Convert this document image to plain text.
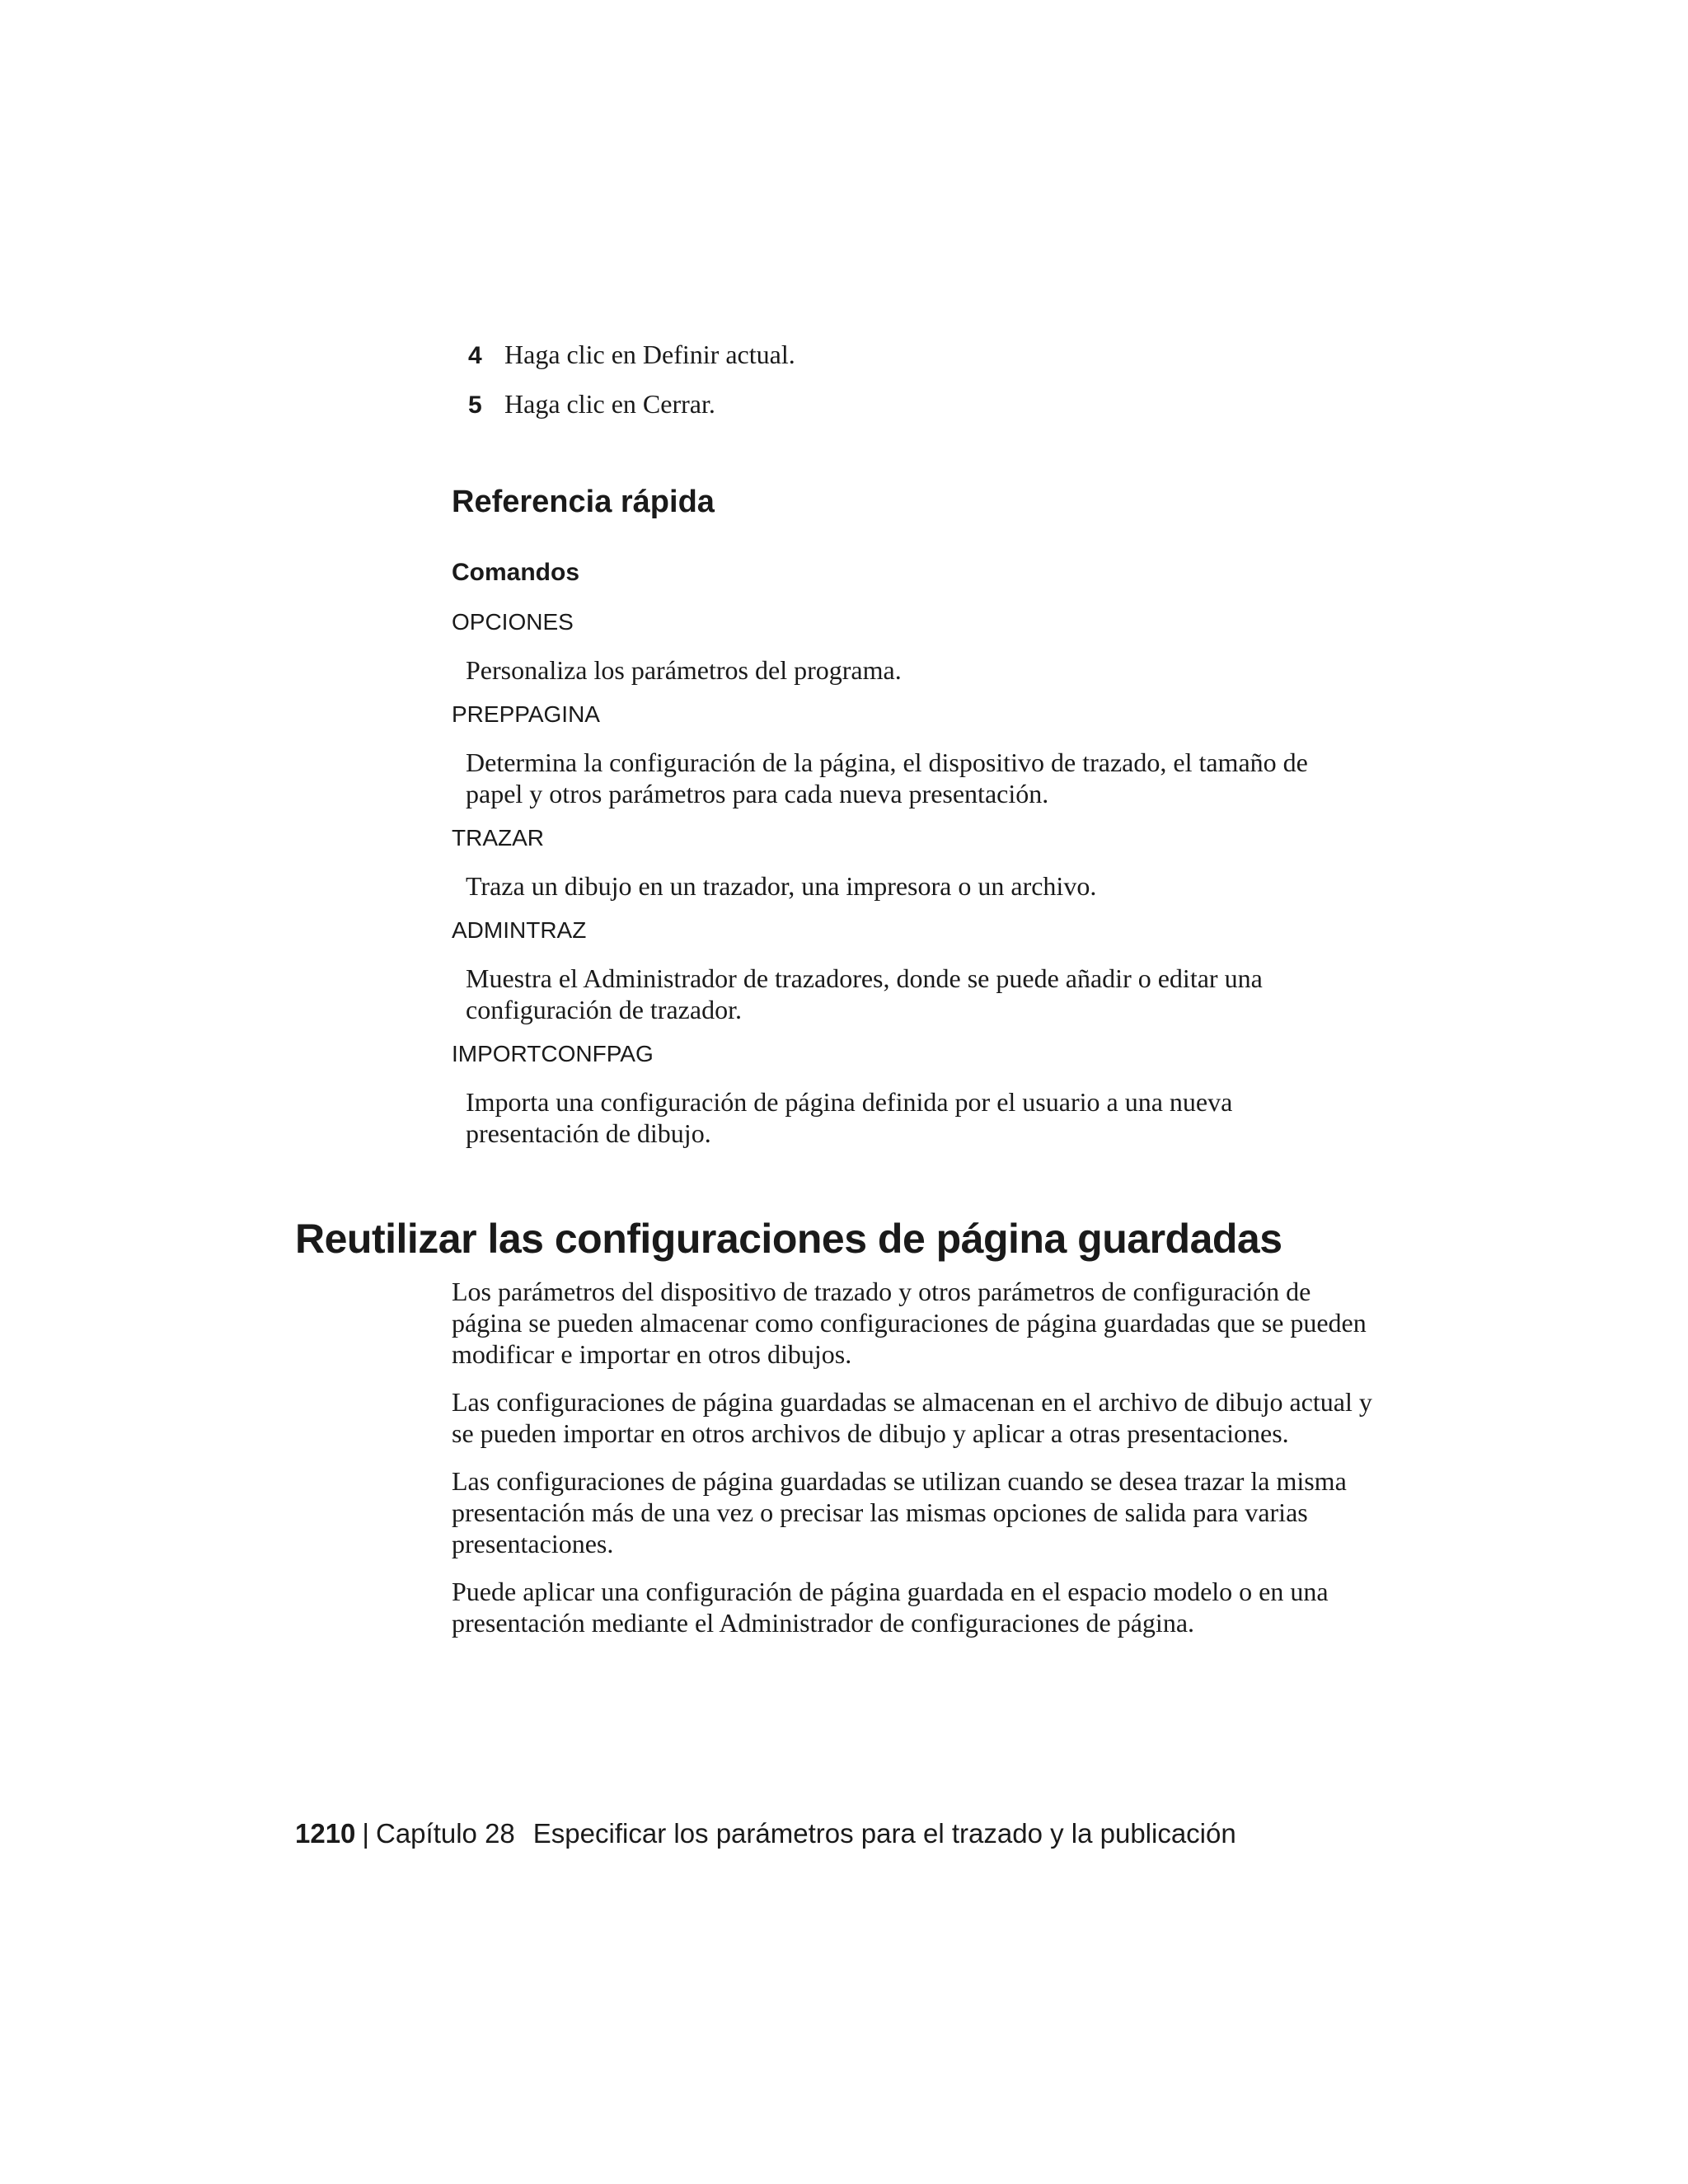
4 Haga clic en Definir actual.
5 Haga clic en Cerrar.
Referencia rápida
Comandos

OPCIONES

Personaliza los parámetros del programa.

PREPPAGINA

Determina la configuración de la página, el dispositivo de trazado, el tamaño de papel y otros parámetros para cada nueva presentación.

TRAZAR

Traza un dibujo en un trazador, una impresora o un archivo.

ADMINTRAZ

Muestra el Administrador de trazadores, donde se puede añadir o editar una configuración de trazador.

IMPORTCONFPAG

Importa una configuración de página definida por el usuario a una nueva presentación de dibujo.

Reutilizar las configuraciones de página guardadas

Los parámetros del dispositivo de trazado y otros parámetros de configuración de página se pueden almacenar como configuraciones de página guardadas que se pueden modificar e importar en otros dibujos.

Las configuraciones de página guardadas se almacenan en el archivo de dibujo actual y se pueden importar en otros archivos de dibujo y aplicar a otras presentaciones.

Las configuraciones de página guardadas se utilizan cuando se desea trazar la misma presentación más de una vez o precisar las mismas opciones de salida para varias presentaciones.

Puede aplicar una configuración de página guardada en el espacio modelo o en una presentación mediante el Administrador de configuraciones de página.

1210 | Capítulo 28 Especificar los parámetros para el trazado y la publicación
